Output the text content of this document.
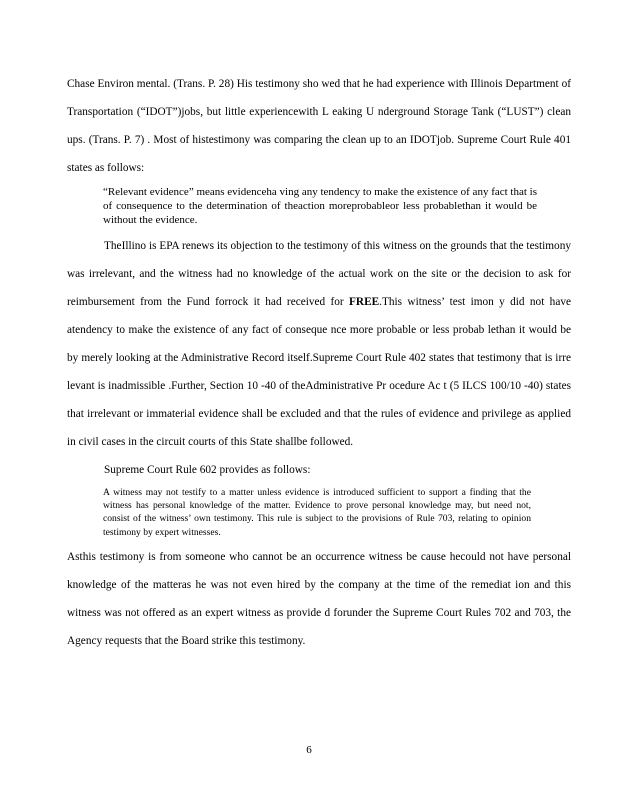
Chase Environ mental. (Trans. P. 28) His testimony sho wed that he had experience with Illinois Department of Transportation (“IDOT”)jobs, but little experiencewith L eaking U nderground Storage Tank (“LUST”) clean ups. (Trans. P. 7) . Most of histestimony was comparing the clean up to an IDOTjob. Supreme Court Rule 401 states as follows:

“Relevant evidence” means evidenceha ving any tendency to make the existence of any fact that is of consequence to the determination of theaction moreprobableor less probablethan it would be without the evidence.

TheIllino is EPA renews its objection to the testimony of this witness on the grounds that the testimony was irrelevant, and the witness had no knowledge of the actual work on the site or the decision to ask for reimbursement from the Fund forrock it had received for FREE.This witness’ test imon y did not have atendency to make the existence of any fact of conseque nce more probable or less probab lethan it would be by merely looking at the Administrative Record itself.Supreme Court Rule 402 states that testimony that is irre levant is inadmissible .Further, Section 10 -40 of theAdministrative Pr ocedure Ac t (5 ILCS 100/10 -40) states that irrelevant or immaterial evidence shall be excluded and that the rules of evidence and privilege as applied in civil cases in the circuit courts of this State shallbe followed.

Supreme Court Rule 602 provides as follows:

A witness may not testify to a matter unless evidence is introduced sufficient to support a finding that the witness has personal knowledge of the matter. Evidence to prove personal knowledge may, but need not, consist of the witness’ own testimony. This rule is subject to the provisions of Rule 703, relating to opinion testimony by expert witnesses.

Asthis testimony is from someone who cannot be an occurrence witness be cause hecould not have personal knowledge of the matteras he was not even hired by the company at the time of the remediat ion and this witness was not offered as an expert witness as provide d forunder the Supreme Court Rules 702 and 703, the Agency requests that the Board strike this testimony.

6
